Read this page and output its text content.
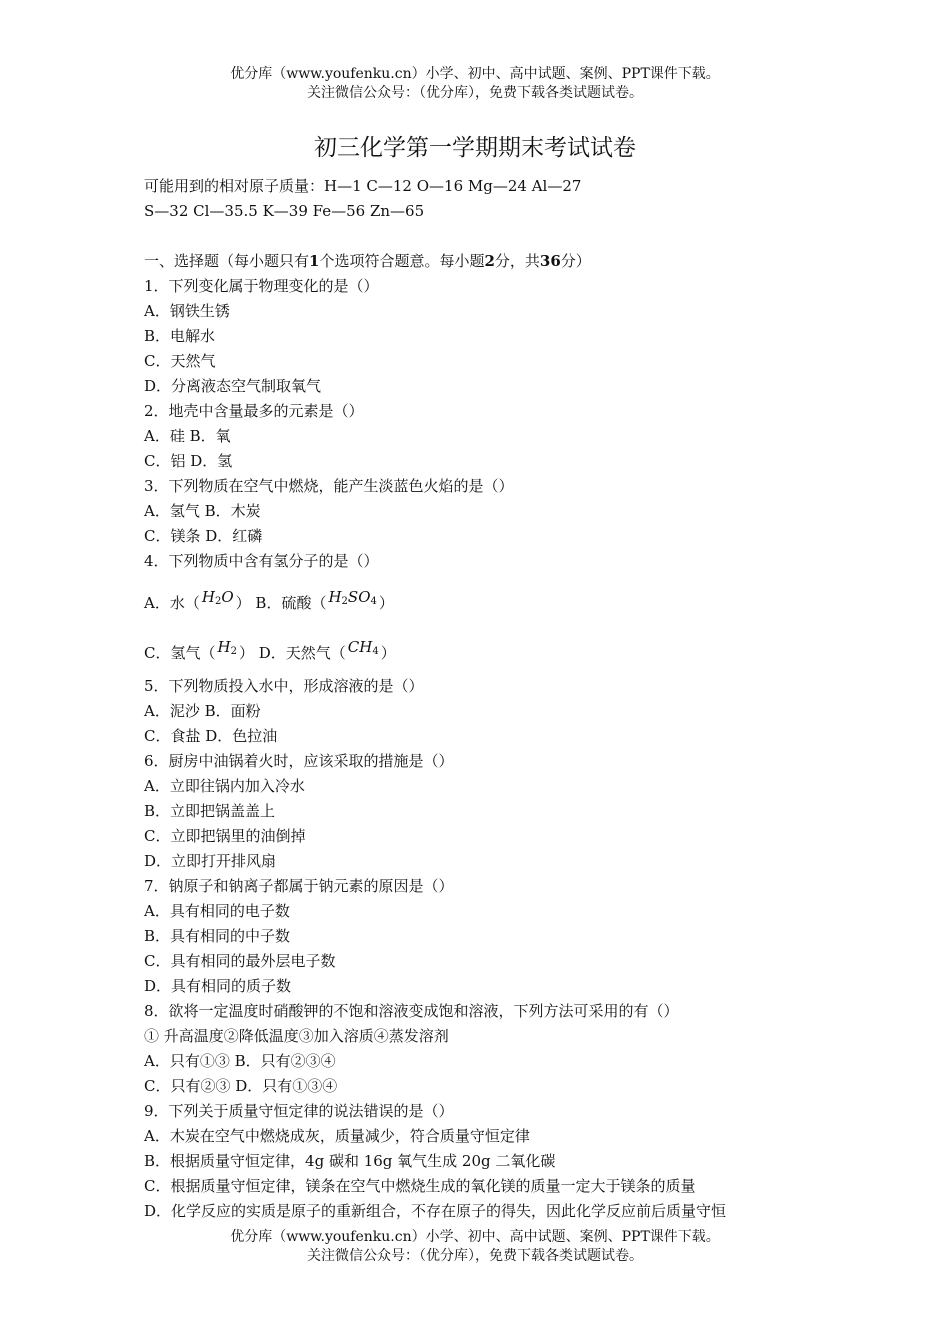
优分库（www.youfenku.cn）小学、初中、高中试题、案例、PPT课件下载。
关注微信公众号：（优分库），免费下载各类试题试卷。
初三化学第一学期期末考试试卷
可能用到的相对原子质量：H—1 C—12 O—16 Mg—24 Al—27
S—32 Cl—35.5 K—39 Fe—56 Zn—65
一、选择题（每小题只有1个选项符合题意。每小题2分，共36分）
1．下列变化属于物理变化的是（）
A．钢铁生锈
B．电解水
C．天然气
D．分离液态空气制取氧气
2．地壳中含量最多的元素是（）
A．硅 B．氧
C．铝 D．氢
3．下列物质在空气中燃烧，能产生淡蓝色火焰的是（）
A．氢气 B．木炭
C．镁条 D．红磷
4．下列物质中含有氢分子的是（）
A．水（ $H_2O$ ） B．硫酸（ $H_2SO_4$ ）
C．氢气（ $H_2$ ） D．天然气（ $CH_4$ ）
5．下列物质投入水中，形成溶液的是（）
A．泥沙 B．面粉
C．食盐 D．色拉油
6．厨房中油锅着火时，应该采取的措施是（）
A．立即往锅内加入冷水
B．立即把锅盖盖上
C．立即把锅里的油倒掉
D．立即打开排风扇
7．钠原子和钠离子都属于钠元素的原因是（）
A．具有相同的电子数
B．具有相同的中子数
C．具有相同的最外层电子数
D．具有相同的质子数
8．欲将一定温度时硝酸钾的不饱和溶液变成饱和溶液，下列方法可采用的有（）
① 升高温度②降低温度③加入溶质④蒸发溶剂
A．只有①③ B．只有②③④
C．只有②③ D．只有①③④
9．下列关于质量守恒定律的说法错误的是（）
A．木炭在空气中燃烧成灰，质量减少，符合质量守恒定律
B．根据质量守恒定律，4g 碳和 16g 氧气生成 20g 二氧化碳
C．根据质量守恒定律，镁条在空气中燃烧生成的氧化镁的质量一定大于镁条的质量
D．化学反应的实质是原子的重新组合，不存在原子的得失，因此化学反应前后质量守恒
优分库（www.youfenku.cn）小学、初中、高中试题、案例、PPT课件下载。
关注微信公众号：（优分库），免费下载各类试题试卷。
